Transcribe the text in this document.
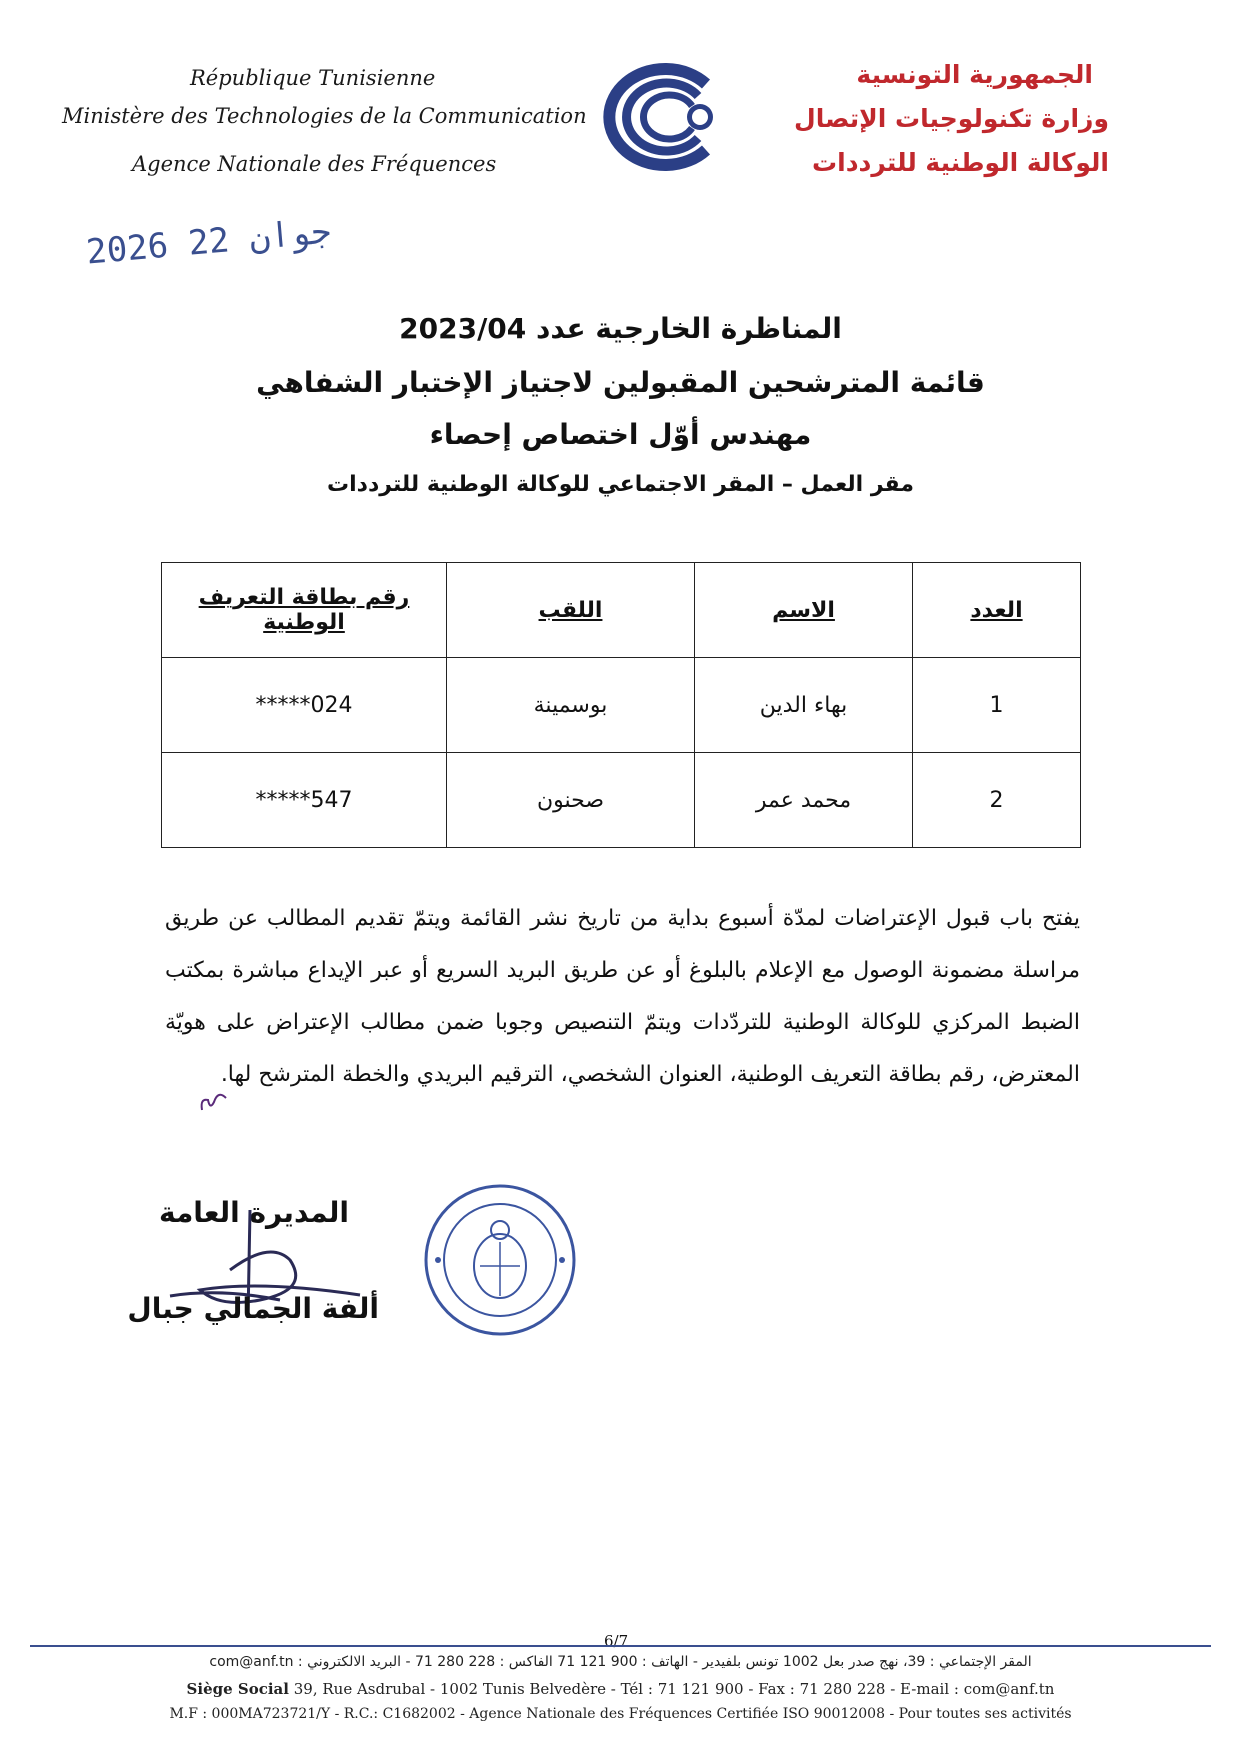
République Tunisienne
Ministère des Technologies de la Communication
Agence Nationale des Fréquences
الجمهورية التونسية
وزارة تكنولوجيات الإتصال
الوكالة الوطنية للترددات
2026 جوان 22
المناظرة الخارجية عدد 2023/04
قائمة المترشحين المقبولين لاجتياز الإختبار الشفاهي
مهندس أوّل اختصاص إحصاء
مقر العمل – المقر الاجتماعي للوكالة الوطنية للترددات
العدد	الاسم	اللقب	رقم بطاقة التعريف الوطنية
1	بهاء الدين	بوسمينة	*****024
2	محمد عمر	صحنون	*****547
يفتح باب قبول الإعتراضات لمدّة أسبوع بداية من تاريخ نشر القائمة ويتمّ تقديم المطالب عن طريق
مراسلة مضمونة الوصول مع الإعلام بالبلوغ أو عن طريق البريد السريع أو عبر الإيداع مباشرة بمكتب
الضبط المركزي للوكالة الوطنية للتردّدات ويتمّ التنصيص وجوبا ضمن مطالب الإعتراض على هويّة
المعترض، رقم بطاقة التعريف الوطنية، العنوان الشخصي، الترقيم البريدي والخطة المترشح لها.
المديرة العامة
ألفة الجمالي جبال
6/7
المقر الإجتماعي : 39، نهج صدر بعل 1002 تونس بلفيدير - الهاتف : 900 121 71 الفاكس : 228 280 71 - البريد الالكتروني : com@anf.tn
Siège Social 39, Rue Asdrubal - 1002 Tunis Belvedère - Tél : 71 121 900 - Fax : 71 280 228 - E-mail : com@anf.tn
M.F : 000MA723721/Y - R.C.: C1682002 - Agence Nationale des Fréquences Certifiée ISO 90012008 - Pour toutes ses activités
